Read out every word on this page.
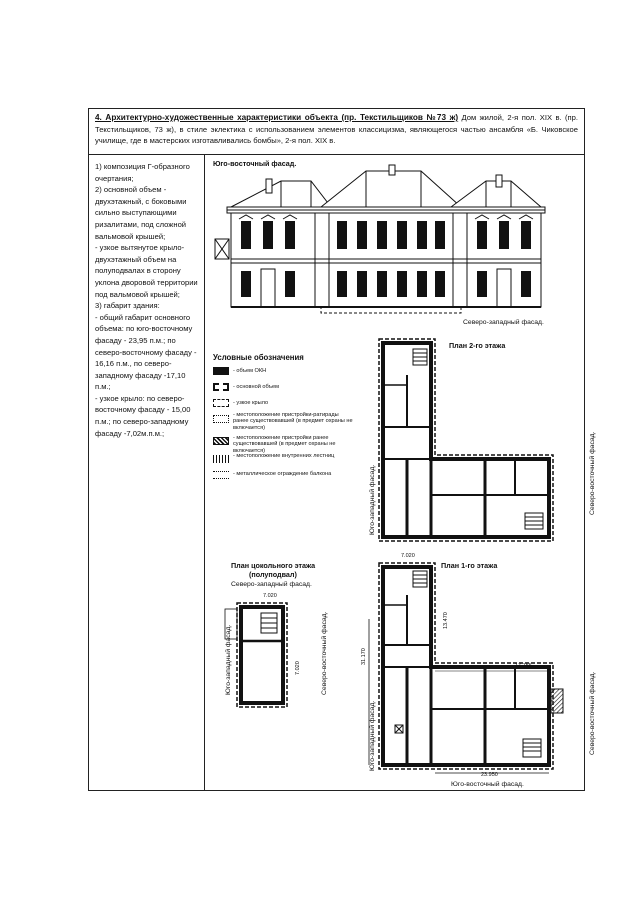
4. Архитектурно-художественные характеристики объекта (пр. Текстильщиков №73 ж) Дом жилой, 2-я пол. XIX в. (пр. Текстильщиков, 73 ж), в стиле эклектика с использованием элементов классицизма, являющегося частью ансамбля «Б. Чиковское училище, где в мастерских изготавливались бомбы», 2-я пол. XIX в.

1) композиция Г-образного очертания;

2) основной объем - двухэтажный, с боковыми сильно выступающими ризалитами, под сложной вальмовой крышей;

- узкое вытянутое крыло- двухэтажный объем на полуподвалах в сторону уклона дворовой территории под вальмовой крышей;

3) габарит здания:

- общий габарит основного объема: по юго-восточному фасаду - 23,95 п.м.; по северо-восточному фасаду - 16,16 п.м., по северо-западному фасаду -17,10 п.м.;

- узкое крыло: по северо-восточному фасаду - 15,00 п.м.; по северо-западному фасаду -7,02м.п.м.;

Юго-восточный фасад.
Северо-западный фасад.
Условные обозначения
- объем ОКН
- основной объем
- узкое крыло
- местоположение пристройки-ратирады ранее существовавшей (в предмет охраны не включается)
- местоположение пристройки ранее существовавшей (в предмет охраны не включается)
- местоположение внутренних лестниц
- металлическое ограждение балкона
План 2-го этажа
Юго-западный фасад.	Северо-восточный фасад.
План цокольного этажа
(полуподвал)
Северо-западный фасад.
7.020
Юго-западный фасад.	Северо-восточный фасад.
7.020
План 1-го этажа
7.020
17.155
23.950
31.170
13.470
Юго-западный фасад.	Северо-восточный фасад.
Юго-восточный фасад.
